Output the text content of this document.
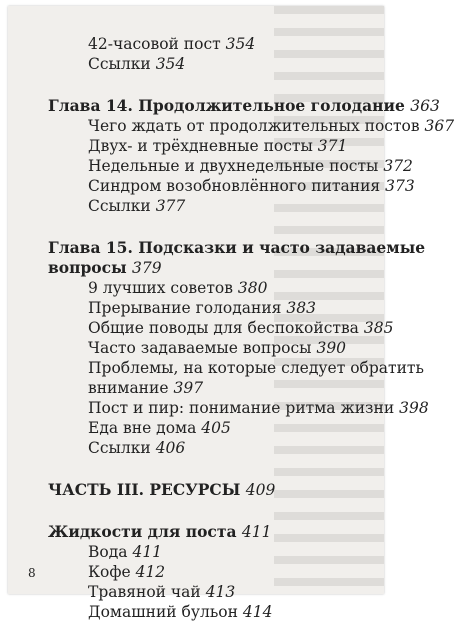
42-часовой пост 354
Ссылки 354
Глава 14. Продолжительное голодание 363
Чего ждать от продолжительных постов 367
Двух- и трёхдневные посты 371
Недельные и двухнедельные посты 372
Синдром возобновлённого питания 373
Ссылки 377
Глава 15. Подсказки и часто задаваемые
вопросы 379
9 лучших советов 380
Прерывание голодания 383
Общие поводы для беспокойства 385
Часто задаваемые вопросы 390
Проблемы, на которые следует обратить
внимание 397
Пост и пир: понимание ритма жизни 398
Еда вне дома 405
Ссылки 406
ЧАСТЬ III. РЕСУРСЫ 409
Жидкости для поста 411
Вода 411
Кофе 412
Травяной чай 413
Домашний бульон 414
8
